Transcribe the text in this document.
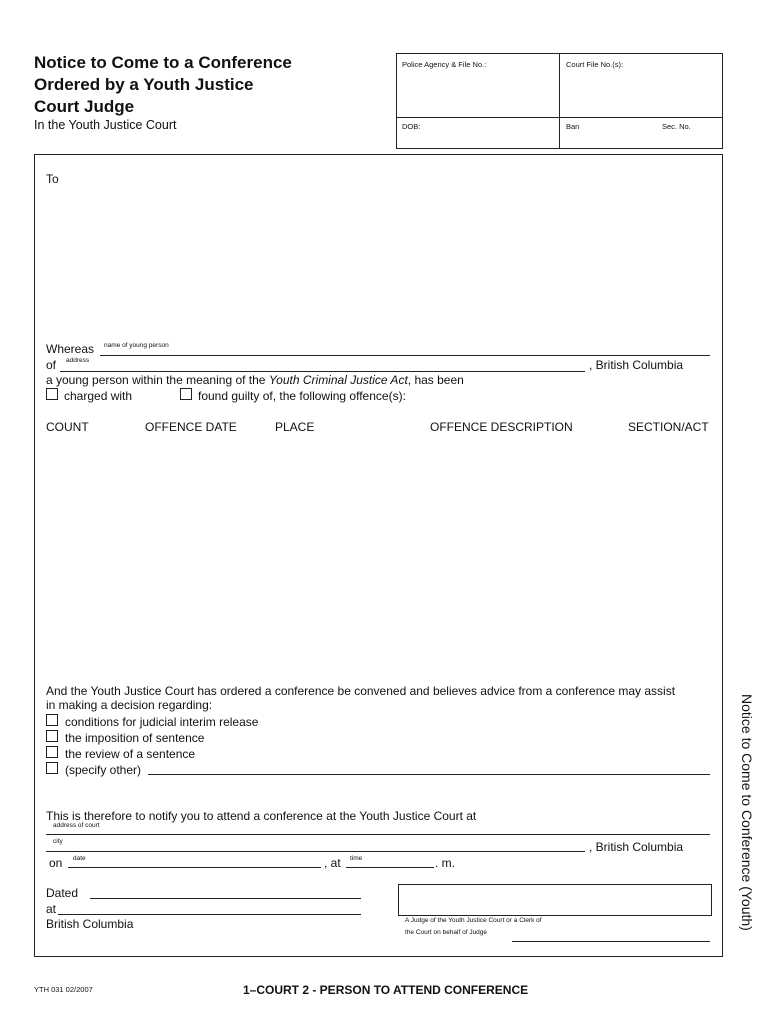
Notice to Come to a Conference
Ordered by a Youth Justice
Court Judge
In the Youth Justice Court
Police Agency & File No.:	Court File No.(s):
DOB:	Ban	Sec. No.
To
Whereas name of young person
of address	, British Columbia
a young person within the meaning of the Youth Criminal Justice Act, has been
charged with	found guilty of, the following offence(s):
COUNT	OFFENCE DATE	PLACE	OFFENCE DESCRIPTION	SECTION/ACT
And the Youth Justice Court has ordered a conference be convened and believes advice from a conference may assist
in making a decision regarding:
conditions for judicial interim release
the imposition of sentence
the review of a sentence
(specify other)
This is therefore to notify you to attend a conference at the Youth Justice Court at
address of court
city	, British Columbia
on date	, at time	. m.
Dated
at
British Columbia	A Judge of the Youth Justice Court or a Clerk of
the Court on behalf of Judge
Notice to Come to Conference (Youth)
YTH 031 02/2007	1–COURT 2 - PERSON TO ATTEND CONFERENCE
